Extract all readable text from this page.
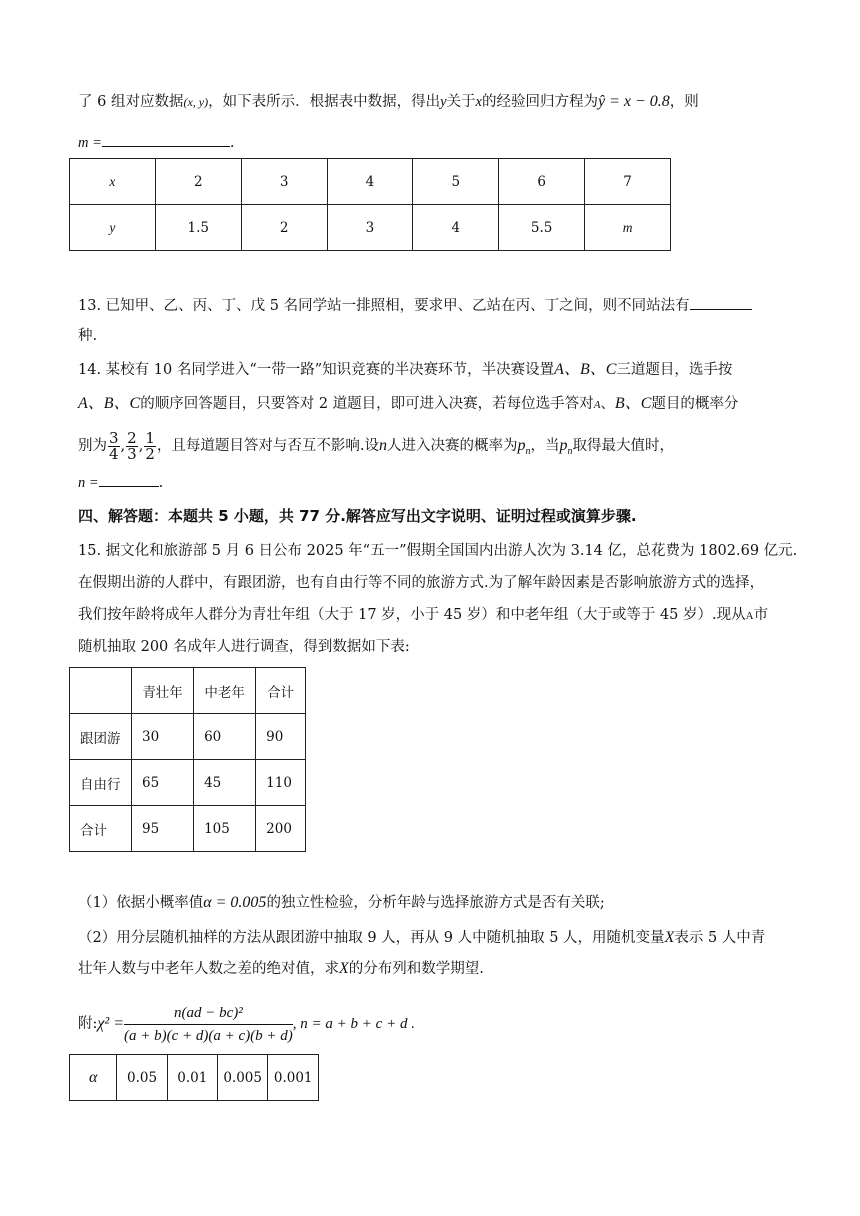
了 6 组对应数据(x, y)，如下表所示．根据表中数据，得出y关于x的经验回归方程为ŷ = x − 0.8，则
m =	.
x	2	3	4	5	6	7
y	1.5	2	3	4	5.5	m
13. 已知甲、乙、丙、丁、戊 5 名同学站一排照相，要求甲、乙站在丙、丁之间，则不同站法有
种.
14. 某校有 10 名同学进入“一带一路”知识竞赛的半决赛环节，半决赛设置A、B、C三道题目，选手按
A、B、C的顺序回答题目，只要答对 2 道题目，即可进入决赛，若每位选手答对A、B、C题目的概率分
别为 $\frac{3}{4}$ , $\frac{2}{3}$ , $\frac{1}{2}$ ，且每道题目答对与否互不影响.设n人进入决赛的概率为$p_n$，当$p_n$取得最大值时，
n =	.
四、解答题：本题共 5 小题，共 77 分.解答应写出文字说明、证明过程或演算步骤.
15. 据文化和旅游部 5 月 6 日公布 2025 年“五一”假期全国国内出游人次为 3.14 亿，总花费为 1802.69 亿元.
在假期出游的人群中，有跟团游，也有自由行等不同的旅游方式.为了解年龄因素是否影响旅游方式的选择，
我们按年龄将成年人群分为青壮年组（大于 17 岁，小于 45 岁）和中老年组（大于或等于 45 岁）.现从A市
随机抽取 200 名成年人进行调查，得到数据如下表:
	青壮年	中老年	合计
跟团游	30	60	90
自由行	65	45	110
合计	95	105	200
（1）依据小概率值α = 0.005的独立性检验，分析年龄与选择旅游方式是否有关联;
（2）用分层随机抽样的方法从跟团游中抽取 9 人，再从 9 人中随机抽取 5 人，用随机变量X表示 5 人中青
壮年人数与中老年人数之差的绝对值，求X的分布列和数学期望.
附:χ² = $\frac{\text{n(ad − bc)²}}{(a + b)(c + d)(a + c)(b + d)}$ , n = a + b + c + d .
α	0.05	0.01	0.005	0.001
